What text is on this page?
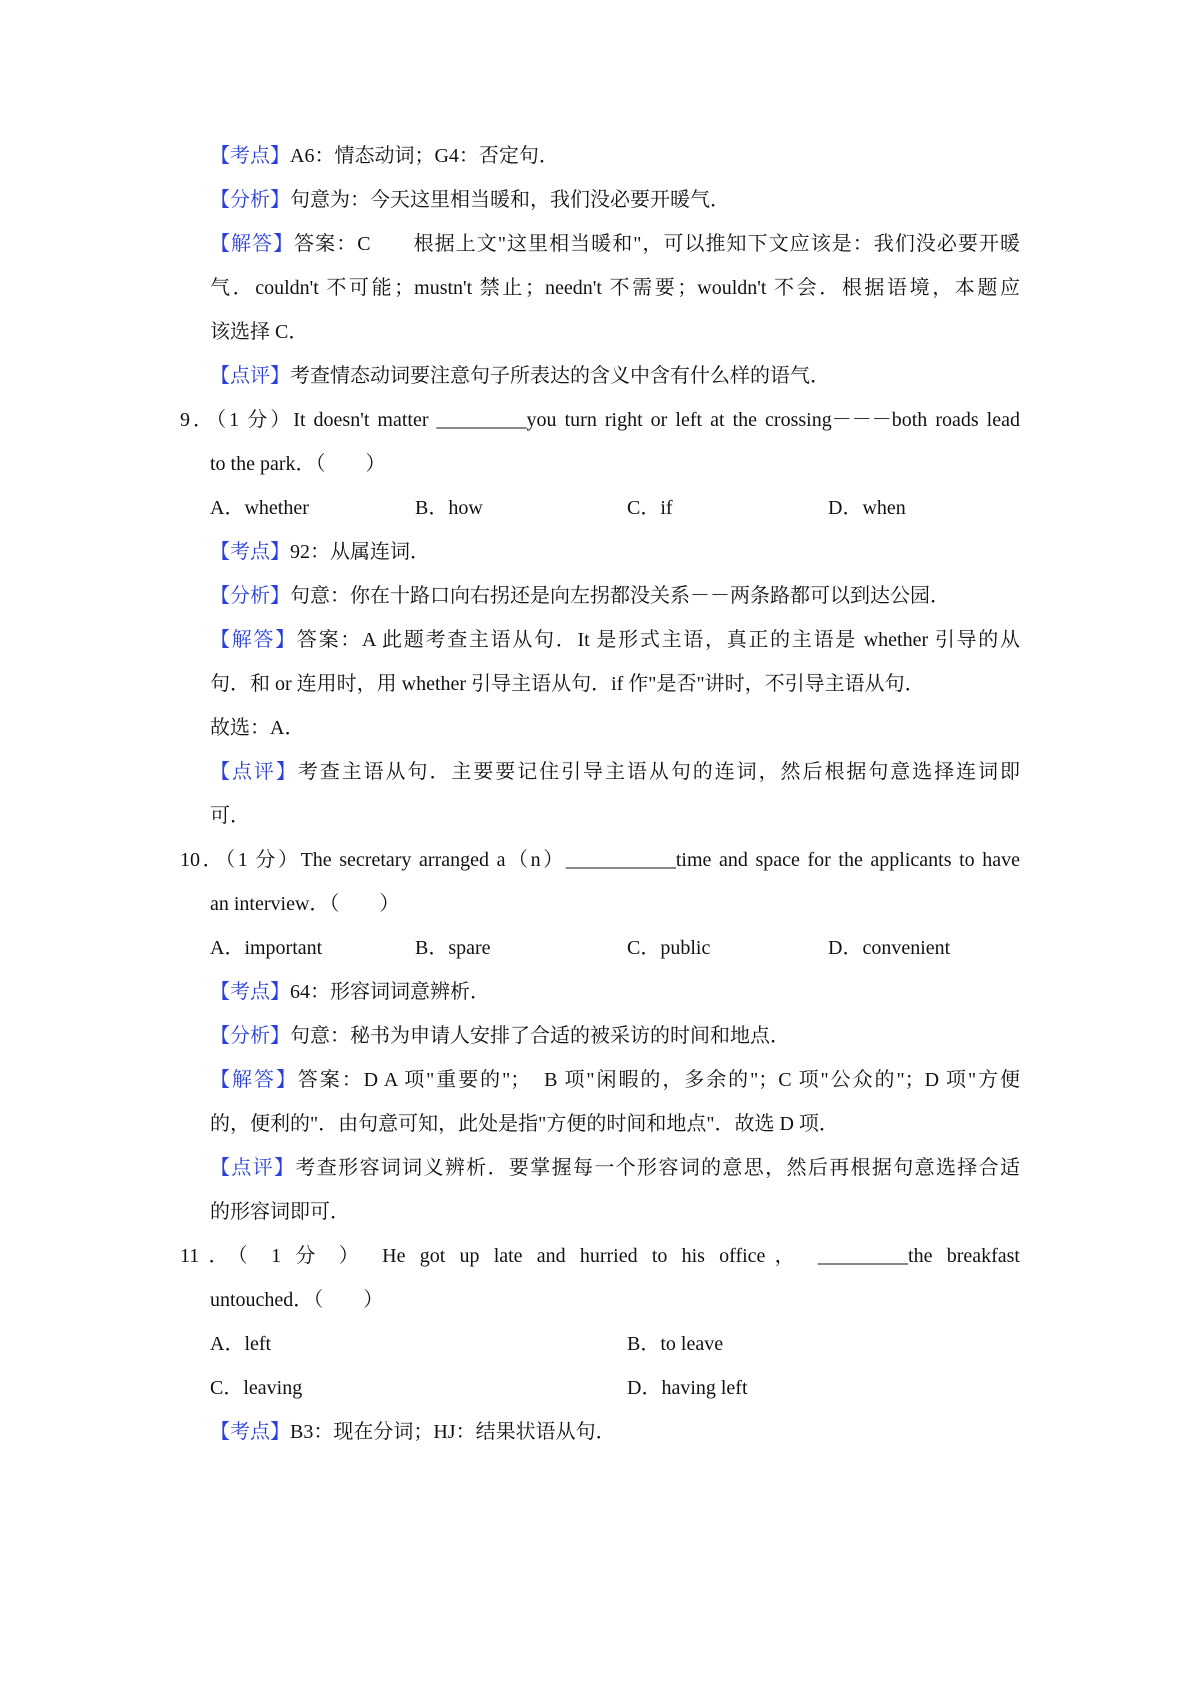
【考点】A6：情态动词；G4：否定句．
【分析】句意为：今天这里相当暖和，我们没必要开暖气．
【解答】答案：C　　根据上文"这里相当暖和"，可以推知下文应该是：我们没必要开暖
气．couldn't 不可能；mustn't 禁止；needn't 不需要；wouldn't 不会．根据语境，本题应
该选择 C．
【点评】考查情态动词要注意句子所表达的含义中含有什么样的语气．
9．（1 分）It doesn't matter _________you turn right or left at the crossing－－－both roads lead
to the park．（　　）
A．whether	B．how	C．if	D．when
【考点】92：从属连词．
【分析】句意：你在十路口向右拐还是向左拐都没关系－－两条路都可以到达公园．
【解答】答案：A 此题考查主语从句．It 是形式主语，真正的主语是 whether 引导的从
句．和 or 连用时，用 whether 引导主语从句．if 作"是否"讲时，不引导主语从句．
故选：A．
【点评】考查主语从句．主要要记住引导主语从句的连词，然后根据句意选择连词即
可．
10．（1 分）The secretary arranged a（n）___________time and space for the applicants to have
an interview．（　　）
A．important	B．spare	C．public	D．convenient
【考点】64：形容词词意辨析．
【分析】句意：秘书为申请人安排了合适的被采访的时间和地点．
【解答】答案：D A 项"重要的"；　B 项"闲暇的，多余的"；C 项"公众的"；D 项"方便
的，便利的"．由句意可知，此处是指"方便的时间和地点"．故选 D 项．
【点评】考查形容词词义辨析．要掌握每一个形容词的意思，然后再根据句意选择合适
的形容词即可．
11．（ 1 分 ） He got up late and hurried to his office， _________the breakfast
untouched．（　　）
A．left	B．to leave
C．leaving	D．having left
【考点】B3：现在分词；HJ：结果状语从句．
